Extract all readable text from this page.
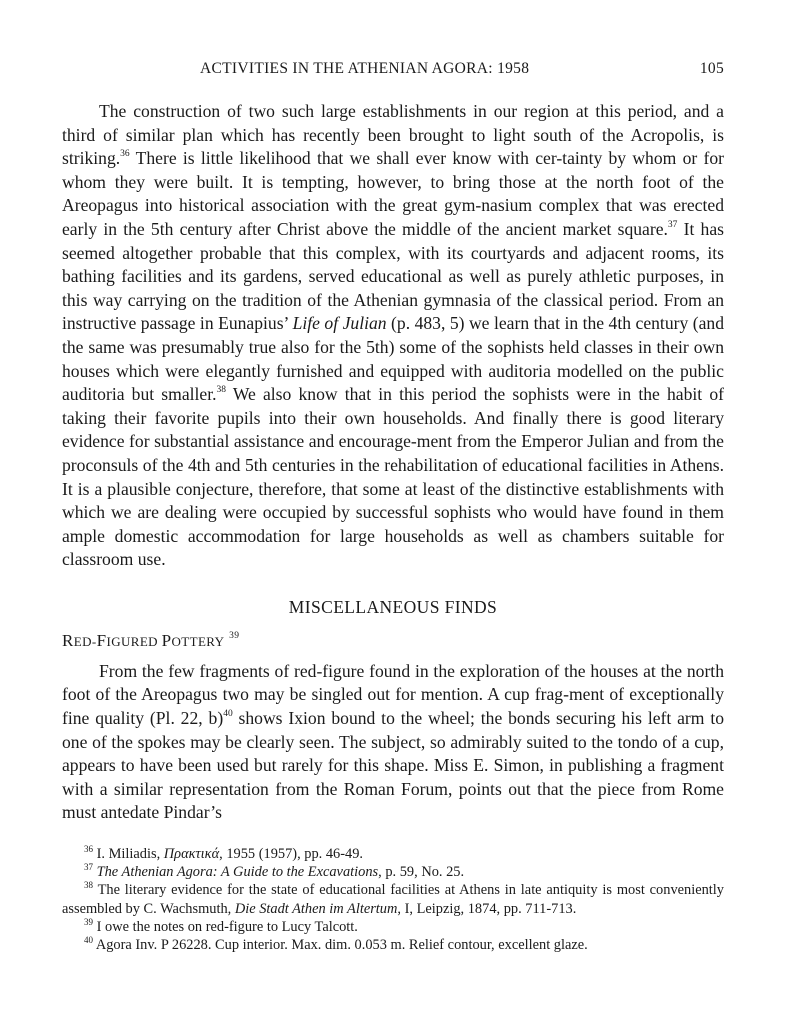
ACTIVITIES IN THE ATHENIAN AGORA: 1958	105

The construction of two such large establishments in our region at this period, and a third of similar plan which has recently been brought to light south of the Acropolis, is striking.$^{36}$ There is little likelihood that we shall ever know with cer-tainty by whom or for whom they were built. It is tempting, however, to bring those at the north foot of the Areopagus into historical association with the great gym-nasium complex that was erected early in the 5th century after Christ above the middle of the ancient market square.$^{37}$ It has seemed altogether probable that this complex, with its courtyards and adjacent rooms, its bathing facilities and its gardens, served educational as well as purely athletic purposes, in this way carrying on the tradition of the Athenian gymnasia of the classical period. From an instructive passage in Eunapius’ Life of Julian (p. 483, 5) we learn that in the 4th century (and the same was presumably true also for the 5th) some of the sophists held classes in their own houses which were elegantly furnished and equipped with auditoria modelled on the public auditoria but smaller.$^{38}$ We also know that in this period the sophists were in the habit of taking their favorite pupils into their own households. And finally there is good literary evidence for substantial assistance and encourage-ment from the Emperor Julian and from the proconsuls of the 4th and 5th centuries in the rehabilitation of educational facilities in Athens. It is a plausible conjecture, therefore, that some at least of the distinctive establishments with which we are dealing were occupied by successful sophists who would have found in them ample domestic accommodation for large households as well as chambers suitable for classroom use.

MISCELLANEOUS FINDS
RED-FIGURED POTTERY $^{39}$

From the few fragments of red-figure found in the exploration of the houses at the north foot of the Areopagus two may be singled out for mention. A cup frag-ment of exceptionally fine quality (Pl. 22, b)$^{40}$ shows Ixion bound to the wheel; the bonds securing his left arm to one of the spokes may be clearly seen. The subject, so admirably suited to the tondo of a cup, appears to have been used but rarely for this shape. Miss E. Simon, in publishing a fragment with a similar representation from the Roman Forum, points out that the piece from Rome must antedate Pindar’s

$^{36}$ I. Miliadis, Πρακτικά, 1955 (1957), pp. 46-49.

$^{37}$ The Athenian Agora: A Guide to the Excavations, p. 59, No. 25.

$^{38}$ The literary evidence for the state of educational facilities at Athens in late antiquity is most conveniently assembled by C. Wachsmuth, Die Stadt Athen im Altertum, I, Leipzig, 1874, pp. 711-713.

$^{39}$ I owe the notes on red-figure to Lucy Talcott.

$^{40}$ Agora Inv. P 26228. Cup interior. Max. dim. 0.053 m. Relief contour, excellent glaze.
